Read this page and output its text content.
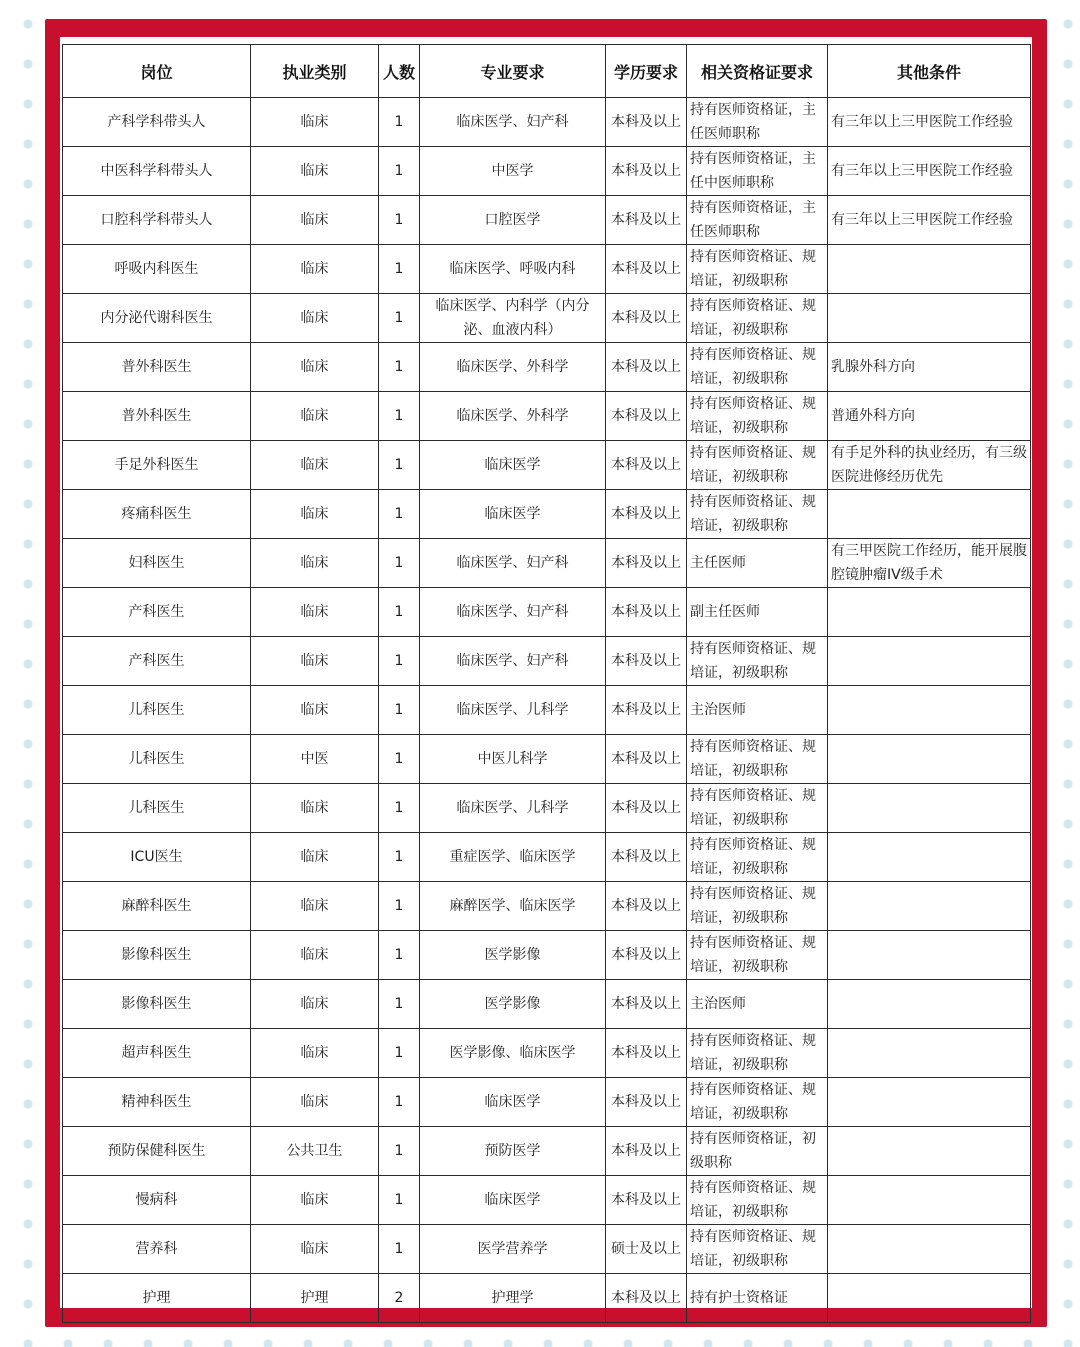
岗位	执业类别	人数	专业要求	学历要求	相关资格证要求	其他条件
产科学科带头人	临床	1	临床医学、妇产科	本科及以上	持有医师资格证，主任医师职称	有三年以上三甲医院工作经验
中医科学科带头人	临床	1	中医学	本科及以上	持有医师资格证，主任中医师职称	有三年以上三甲医院工作经验
口腔科学科带头人	临床	1	口腔医学	本科及以上	持有医师资格证，主任医师职称	有三年以上三甲医院工作经验
呼吸内科医生	临床	1	临床医学、呼吸内科	本科及以上	持有医师资格证、规培证，初级职称	
内分泌代谢科医生	临床	1	临床医学、内科学（内分泌、血液内科）	本科及以上	持有医师资格证、规培证，初级职称	
普外科医生	临床	1	临床医学、外科学	本科及以上	持有医师资格证、规培证，初级职称	乳腺外科方向
普外科医生	临床	1	临床医学、外科学	本科及以上	持有医师资格证、规培证，初级职称	普通外科方向
手足外科医生	临床	1	临床医学	本科及以上	持有医师资格证、规培证，初级职称	有手足外科的执业经历，有三级医院进修经历优先
疼痛科医生	临床	1	临床医学	本科及以上	持有医师资格证、规培证，初级职称	
妇科医生	临床	1	临床医学、妇产科	本科及以上	主任医师	有三甲医院工作经历，能开展腹腔镜肿瘤IV级手术
产科医生	临床	1	临床医学、妇产科	本科及以上	副主任医师	
产科医生	临床	1	临床医学、妇产科	本科及以上	持有医师资格证、规培证，初级职称	
儿科医生	临床	1	临床医学、儿科学	本科及以上	主治医师	
儿科医生	中医	1	中医儿科学	本科及以上	持有医师资格证、规培证，初级职称	
儿科医生	临床	1	临床医学、儿科学	本科及以上	持有医师资格证、规培证，初级职称	
ICU医生	临床	1	重症医学、临床医学	本科及以上	持有医师资格证、规培证，初级职称	
麻醉科医生	临床	1	麻醉医学、临床医学	本科及以上	持有医师资格证、规培证，初级职称	
影像科医生	临床	1	医学影像	本科及以上	持有医师资格证、规培证，初级职称	
影像科医生	临床	1	医学影像	本科及以上	主治医师	
超声科医生	临床	1	医学影像、临床医学	本科及以上	持有医师资格证、规培证，初级职称	
精神科医生	临床	1	临床医学	本科及以上	持有医师资格证、规培证，初级职称	
预防保健科医生	公共卫生	1	预防医学	本科及以上	持有医师资格证，初级职称	
慢病科	临床	1	临床医学	本科及以上	持有医师资格证、规培证，初级职称	
营养科	临床	1	医学营养学	硕士及以上	持有医师资格证、规培证，初级职称	
护理	护理	2	护理学	本科及以上	持有护士资格证	
